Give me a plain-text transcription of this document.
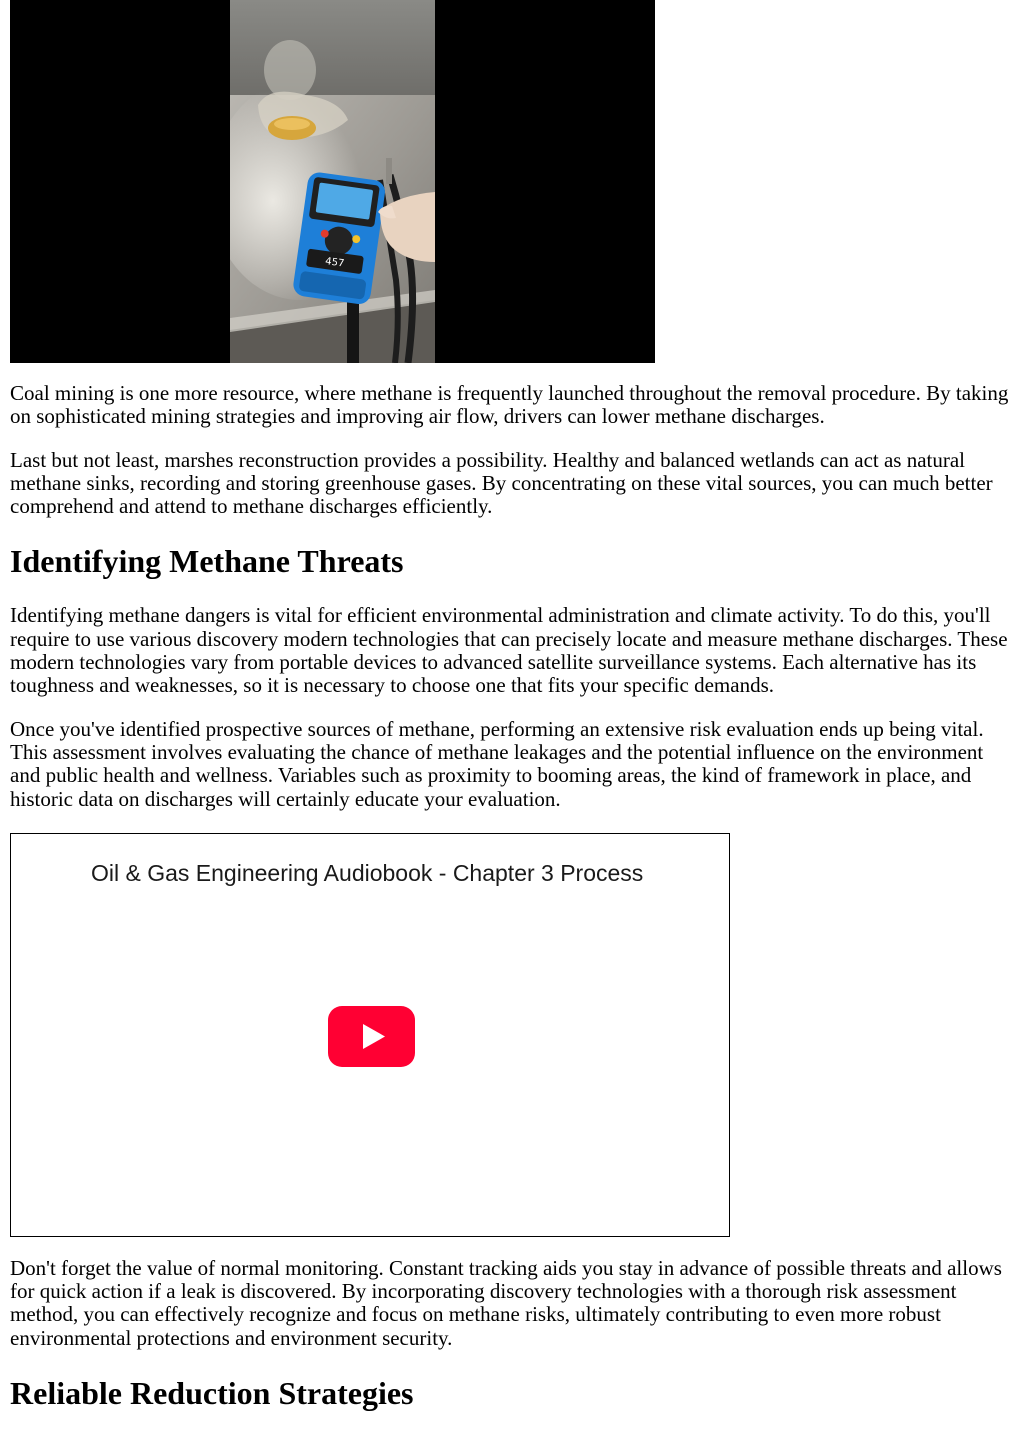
457

Coal mining is one more resource, where methane is frequently launched throughout the removal procedure. By taking on sophisticated mining strategies and improving air flow, drivers can lower methane discharges.

Last but not least, marshes reconstruction provides a possibility. Healthy and balanced wetlands can act as natural methane sinks, recording and storing greenhouse gases. By concentrating on these vital sources, you can much better comprehend and attend to methane discharges efficiently.

Identifying Methane Threats

Identifying methane dangers is vital for efficient environmental administration and climate activity. To do this, you'll require to use various discovery modern technologies that can precisely locate and measure methane discharges. These modern technologies vary from portable devices to advanced satellite surveillance systems. Each alternative has its toughness and weaknesses, so it is necessary to choose one that fits your specific demands.

Once you've identified prospective sources of methane, performing an extensive risk evaluation ends up being vital. This assessment involves evaluating the chance of methane leakages and the potential influence on the environment and public health and wellness. Variables such as proximity to booming areas, the kind of framework in place, and historic data on discharges will certainly educate your evaluation.

Oil & Gas Engineering Audiobook - Chapter 3 Process

Don't forget the value of normal monitoring. Constant tracking aids you stay in advance of possible threats and allows for quick action if a leak is discovered. By incorporating discovery technologies with a thorough risk assessment method, you can effectively recognize and focus on methane risks, ultimately contributing to even more robust environmental protections and environment security.

Reliable Reduction Strategies
